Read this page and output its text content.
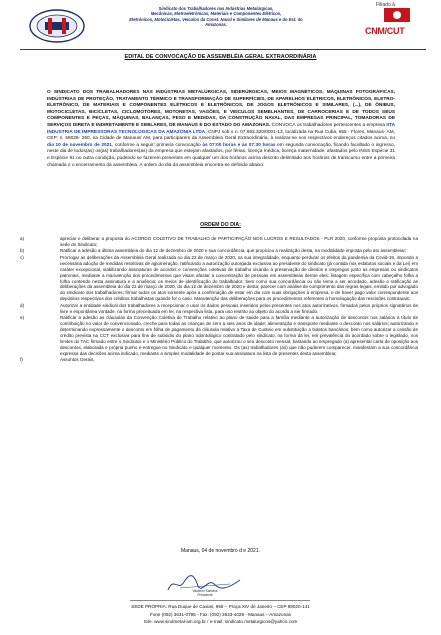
Sindicato dos Trabalhadores nas Indústrias Metalúrgicas,
Mecânicas, Eletroeletrônicas, Materiais e Componentes Elétricos,
Eletrônicos, Motocicletas, Veículos da Const. Naval e Similares de Manaus e do Est. do
Amazonas.
Filiado à
CNM/CUT
EDITAL DE CONVOCAÇÃO DE ASSEMBLÉIA GERAL EXTRAORDINÁRIA
O SINDICATO DOS TRABALHADORES NAS INDÚSTRIAS METALÚRGICAS, SIDERÚRGICAS, MEIOS MAGNÉTICOS, MÁQUINAS FOTOGRÁFICAS, INDÚSTRIAS DE PROTEÇÃO, TRATAMENTO TÉRMICO E TRANSFORMAÇÃO DE SUPERFÍCIES, DE APARELHOS ELÉTRICOS, ELETRÔNICOS, ELETRO-ELETRÔNICO, DE MATERIAIS E COMPONENTES ELÉTRICOS E ELETRÔNICOS, DE JOGOS ELETRÔNICOS E SIMILARES, (...), DE ÔNIBUS, MOTOCICLETAS, BICICLETAS, CICLOMOTORES, MOTONETAS, VAGÕES, E VEÍCULOS SEMELHANTES, DE CARROCERIAS E DE TODOS SEUS COMPONENTES E PEÇAS, MÁQUINAS, BALANÇAS, PESO E MEDIDAS, DA CONSTRUÇÃO NAVAL, DAS EMPRESAS PRINCIPAL, TOMADORAS DE SERVIÇOS DIRETA E INDIRETAMENTE E SIMILARES, DE MANAUS E DO ESTADO DO AMAZONAS. CONVOCA os trabalhadores pertencentes a empresa IITA INDUSTRIA DE IMPRESSORAS TECNOLOGICAS DA AMAZONIA LTDA, CNPJ sob o n. 07.693.320/0001-13, localizada na Rua Cuba, 655 - Flores, Manaus- AM, CEP: n. 69028- 260, na Cidade de Manaus/ AM, para participarem da Assembleia Geral Extraordinária, à realizar-se nos respectivos endereços citados acima, no dia 10 de novembro de 2021, conforme a seguir: primeira convocação às 07:00 horas e às 07:30 horas em segunda convocação, ficando facultado o ingresso, neste dia de todos(as) os(as) trabalhadores(as) da empresa que estejam afastados, por férias, licença médica, licença maternidade, afastados pelo INSS Espécie 31 e Espécie 91 ou outra condição, podendo se fazerem presentes em qualquer um dos horários acima descrito delimitado aos horários de transcurso entre a primeira chamada e o encerramento da assembleia. A ordem do dia da assembleia encontra-se definida abaixo:
ORDEM DO DIA:
a)	apreciar e deliberar a proposta do ACORDO COLETIVO DE TRABALHO de PARTICIPAÇÃO NOS LUCROS E RESULTADOS - PLR 2020, conforme proposta protocolada na sede do Sindicato;
b)	Ratificar a adesão a última assembleia do dia 12 de dezembro de 2020 e sua concordância, que propiciou a realização desta, na modalidade imposta pelo ato assembleiar;
c)	Prorrogar as deliberações da Assembleia Geral realizada no dia 22 de março de 2020, na sua integralidade, enquanto perdurar os efeitos da pandemia da Covid-19, impondo a necessária adoção de medidas restritivas de aglomeração, ratificando a autorização outorgada exclusiva ao presidente do sindicato (já contida nos estatutos sociais e da Lei) em caráter excepcional, viabilizando assinaturas de acordos e convenções coletivas de trabalho visando a preservação de direitos e empregos junto as empresas ou sindicatos patronais, mediante a manutenção dos procedimentos que visam afastar a concentração de pessoas em assembleias dentre eles: listagem específica com cabeçalho folha a folha contendo nesta assinatura e a anuência; os meios de identificação do trabalhador; bem como sua concordância ou não tema a ser acordado, adesão e ratificação as deliberações da assembleia do dia 22 de março de 2020, do dia 12 de dezembro de 2020 e desta; parecer com análise de cumprimento das regras legais, emitido por advogado do sindicato dos trabalhadores; firmar todos os atos somente após a confirmação de estar em dia com suas obrigações à empresa, e de haver pago valor correspondente aos depósitos respectivos dos créditos trabalhistas quando for o caso. Manutenção das deliberações para os procedimentos referentes a homologação das rescisões contratuais;
d)	Autorizar a entidade sindical dos trabalhadores a recepcionar e usar os dados pessoais inseridos pelos presentes nos atos autorizativos, firmados pelos próprios signatários de livre e espontânea vontade, na forma preceituada em lei, na respectiva lista, para uso restrito ao objeto do acordo a ser firmado.
e)	Ratificar a adesão as cláusulas da Convenção Coletiva de Trabalho relativo ao plano de saúde para a família mediante a autorização de descontos nos salários à título de contribuição no valor de convencionado, creche para todas as crianças de zero a seis anos de idade; alimentação e transporte mediante o desconto nos salários; autorizando e determinando expressamente o desconto em folha de pagamento da cláusula relativa a Taxa de Custeio em substituição a boletos bancários, bem como autorizar a cessão de crédito prevista na CCT exclusiva para fins de subsidio do plano odontológico contratado pelo sindicato, na forma da lei, em prevalência do acordado sobre o legislado, nos limites do TAC firmado entre o Sindicato e o Ministério Público do Trabalho, que autorizou o seu desconto mensal, bastando ao empregado (a) apresentar carta de oposição aos descontos, elaborada e própria punho e entregue no Sindicato e qualquer momento. Os (as) trabalhadores (as) que não puderem comparecer, manifestam a sua concordância expressa das decisões acima indicado, mediante a simples modalidade de postar sua assinatura na lista de presentes desta assembleia;
f)	Assuntos Gerais.
Manaus, 04 de novembro d e 2021.
Valdemir Santana
Presidente
SEDE PRÓPRIA: Rua Duque de Caxias, 958 – Praça XIV de Janeiro – CEP 69020-141
Fone (092) 3631-0795 - Fax: (092) 3633-4028 - Manaus – Amazonas
Site: www.sindmetal-am.org.br / e-mail: sindicato.metalurgicos@yahoo.com
